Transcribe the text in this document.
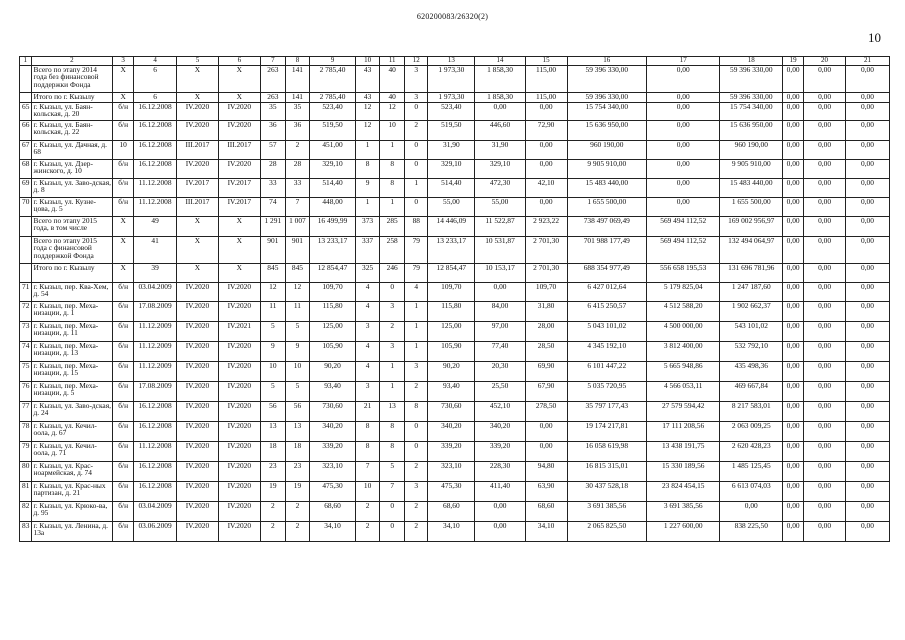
620200083/26320(2)
10
1	2	3	4	5	6	7	8	9	10	11	12	13	14	15	16	17	18	19	20	21
	Всего по этапу 2014 года без финансовой поддержки Фонда	X	6	X	X	263	141	2 785,40	43	40	3	1 973,30	1 858,30	115,00	59 396 330,00	0,00	59 396 330,00	0,00	0,00	0,00
	Итого по г. Кызылу	X	6	X	X	263	141	2 785,40	43	40	3	1 973,30	1 858,30	115,00	59 396 330,00	0,00	59 396 330,00	0,00	0,00	0,00
65	г. Кызыл, ул. Баян-кольская, д. 20	б/н	16.12.2008	IV.2020	IV.2020	35	35	523,40	12	12	0	523,40	0,00	0,00	15 754 340,00	0,00	15 754 340,00	0,00	0,00	0,00
66	г. Кызыл, ул. Баян-кольская, д. 22	б/н	16.12.2008	IV.2020	IV.2020	36	36	519,50	12	10	2	519,50	446,60	72,90	15 636 950,00	0,00	15 636 950,00	0,00	0,00	0,00
67	г. Кызыл, ул. Дачная, д. 68	10	16.12.2008	III.2017	III.2017	57	2	451,00	1	1	0	31,90	31,90	0,00	960 190,00	0,00	960 190,00	0,00	0,00	0,00
68	г. Кызыл, ул. Дзер-жинского, д. 10	б/н	16.12.2008	IV.2020	IV.2020	28	28	329,10	8	8	0	329,10	329,10	0,00	9 905 910,00	0,00	9 905 910,00	0,00	0,00	0,00
69	г. Кызыл, ул. Заво-дская, д. 8	б/н	11.12.2008	IV.2017	IV.2017	33	33	514,40	9	8	1	514,40	472,30	42,10	15 483 440,00	0,00	15 483 440,00	0,00	0,00	0,00
70	г. Кызыл, ул. Кузне-цова, д. 5	б/н	11.12.2008	III.2017	IV.2017	74	7	448,00	1	1	0	55,00	55,00	0,00	1 655 500,00	0,00	1 655 500,00	0,00	0,00	0,00
	Всего по этапу 2015 года, в том числе	X	49	X	X	1 291	1 007	16 499,99	373	285	88	14 446,09	11 522,87	2 923,22	738 497 069,49	569 494 112,52	169 002 956,97	0,00	0,00	0,00
	Всего по этапу 2015 года с финансовой поддержкой Фонда	X	41	X	X	901	901	13 233,17	337	258	79	13 233,17	10 531,87	2 701,30	701 988 177,49	569 494 112,52	132 494 064,97	0,00	0,00	0,00
	Итого по г. Кызылу	X	39	X	X	845	845	12 854,47	325	246	79	12 854,47	10 153,17	2 701,30	688 354 977,49	556 658 195,53	131 696 781,96	0,00	0,00	0,00
71	г. Кызыл, пер. Ква-Хем, д. 54	б/н	03.04.2009	IV.2020	IV.2020	12	12	109,70	4	0	4	109,70	0,00	109,70	6 427 012,64	5 179 825,04	1 247 187,60	0,00	0,00	0,00
72	г. Кызыл, пер. Меха-низации, д. 1	б/н	17.08.2009	IV.2020	IV.2020	11	11	115,80	4	3	1	115,80	84,00	31,80	6 415 250,57	4 512 588,20	1 902 662,37	0,00	0,00	0,00
73	г. Кызыл, пер. Меха-низации, д. 11	б/н	11.12.2009	IV.2020	IV.2021	5	5	125,00	3	2	1	125,00	97,00	28,00	5 043 101,02	4 500 000,00	543 101,02	0,00	0,00	0,00
74	г. Кызыл, пер. Меха-низации, д. 13	б/н	11.12.2009	IV.2020	IV.2020	9	9	105,90	4	3	1	105,90	77,40	28,50	4 345 192,10	3 812 400,00	532 792,10	0,00	0,00	0,00
75	г. Кызыл, пер. Меха-низации, д. 15	б/н	11.12.2009	IV.2020	IV.2020	10	10	90,20	4	1	3	90,20	20,30	69,90	6 101 447,22	5 665 948,86	435 498,36	0,00	0,00	0,00
76	г. Кызыл, пер. Меха-низации, д. 5	б/н	17.08.2009	IV.2020	IV.2020	5	5	93,40	3	1	2	93,40	25,50	67,90	5 035 720,95	4 566 053,11	469 667,84	0,00	0,00	0,00
77	г. Кызыл, ул. Заво-дская, д. 24	б/н	16.12.2008	IV.2020	IV.2020	56	56	730,60	21	13	8	730,60	452,10	278,50	35 797 177,43	27 579 594,42	8 217 583,01	0,00	0,00	0,00
78	г. Кызыл, ул. Кечил-оола, д. 67	б/н	16.12.2008	IV.2020	IV.2020	13	13	340,20	8	8	0	340,20	340,20	0,00	19 174 217,81	17 111 208,56	2 063 009,25	0,00	0,00	0,00
79	г. Кызыл, ул. Кечил-оола, д. 71	б/н	11.12.2008	IV.2020	IV.2020	18	18	339,20	8	8	0	339,20	339,20	0,00	16 058 619,98	13 438 191,75	2 620 428,23	0,00	0,00	0,00
80	г. Кызыл, ул. Крас-ноармейская, д. 74	б/н	16.12.2008	IV.2020	IV.2020	23	23	323,10	7	5	2	323,10	228,30	94,80	16 815 315,01	15 330 189,56	1 485 125,45	0,00	0,00	0,00
81	г. Кызыл, ул. Крас-ных партизан, д. 21	б/н	16.12.2008	IV.2020	IV.2020	19	19	475,30	10	7	3	475,30	411,40	63,90	30 437 528,18	23 824 454,15	6 613 074,03	0,00	0,00	0,00
82	г. Кызыл, ул. Крюко-ва, д. 95	б/н	03.04.2009	IV.2020	IV.2020	2	2	68,60	2	0	2	68,60	0,00	68,60	3 691 385,56	3 691 385,56	0,00	0,00	0,00	0,00
83	г. Кызыл, ул. Ленина, д. 13а	б/н	03.06.2009	IV.2020	IV.2020	2	2	34,10	2	0	2	34,10	0,00	34,10	2 065 825,50	1 227 600,00	838 225,50	0,00	0,00	0,00
